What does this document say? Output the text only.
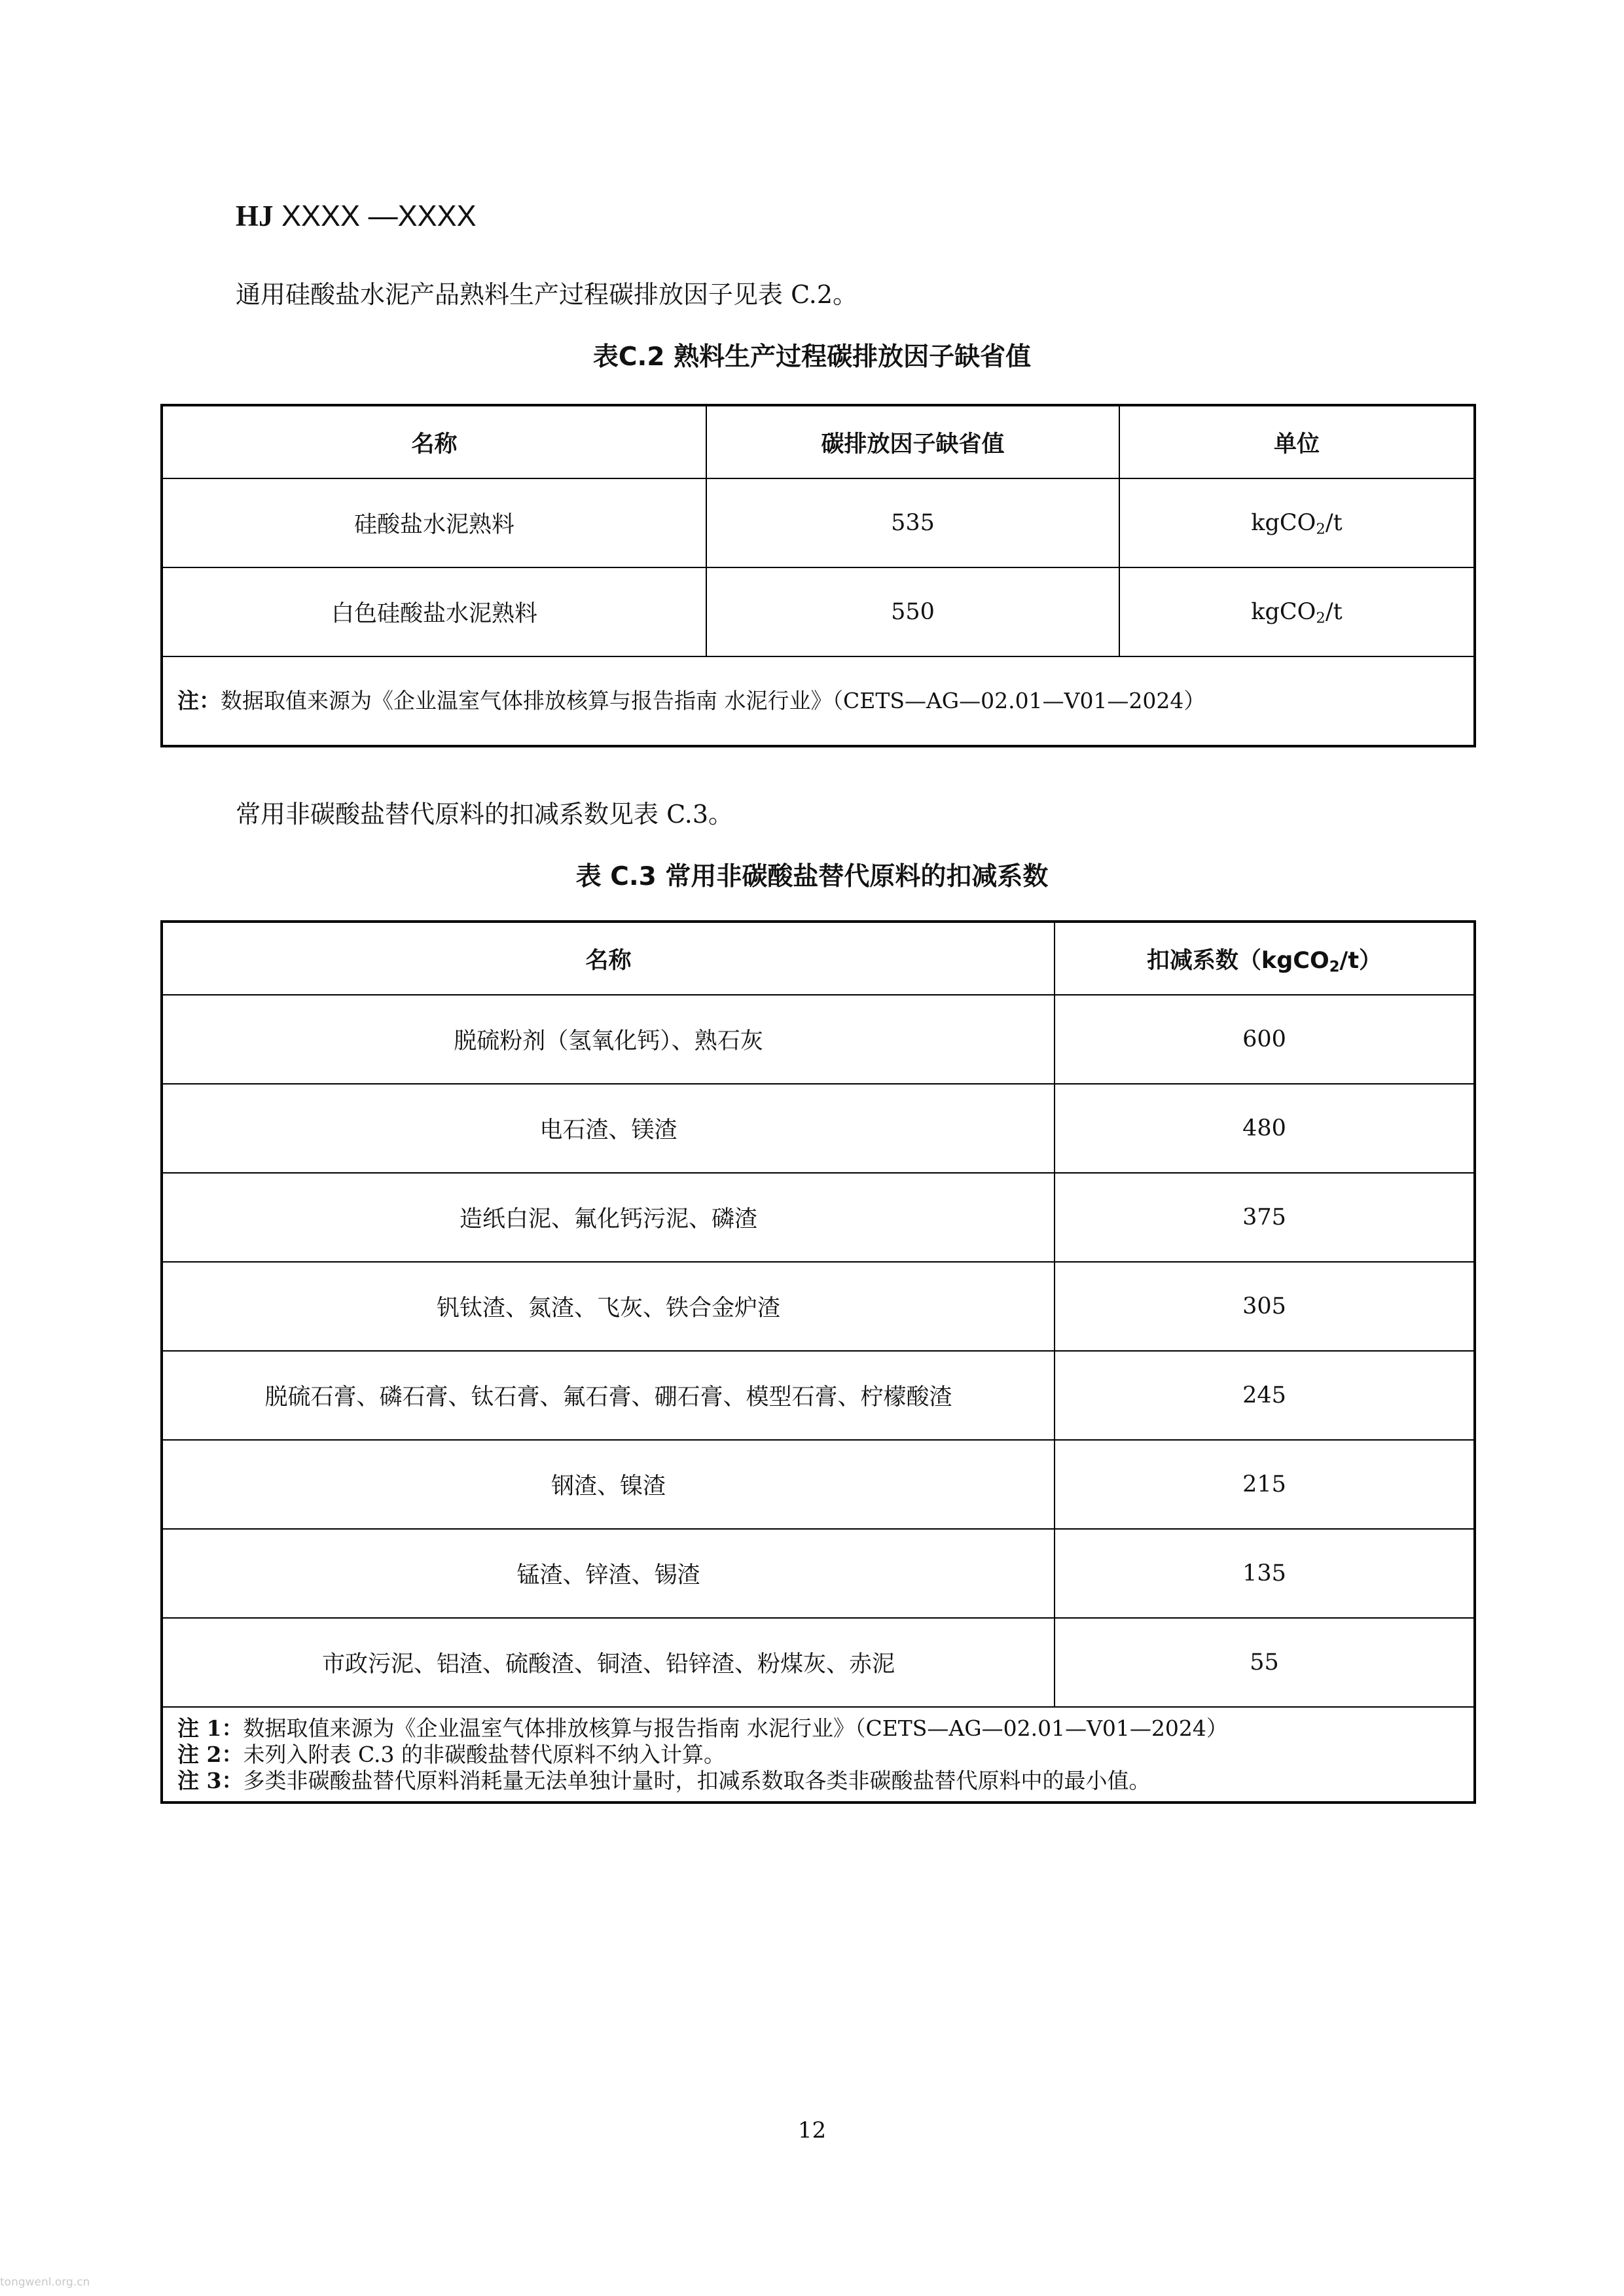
HJ XXXX —XXXX
通用硅酸盐水泥产品熟料生产过程碳排放因子见表 C.2。
表C.2 熟料生产过程碳排放因子缺省值
名称	碳排放因子缺省值	单位
硅酸盐水泥熟料	535	kgCO$_2$/t
白色硅酸盐水泥熟料	550	kgCO$_2$/t
注：数据取值来源为《企业温室气体排放核算与报告指南 水泥行业》（CETS—AG—02.01—V01—2024）		
常用非碳酸盐替代原料的扣减系数见表 C.3。
表 C.3 常用非碳酸盐替代原料的扣减系数
名称	扣减系数（kgCO$_2$/t）
脱硫粉剂（氢氧化钙）、熟石灰	600
电石渣、镁渣	480
造纸白泥、氟化钙污泥、磷渣	375
钒钛渣、氮渣、飞灰、铁合金炉渣	305
脱硫石膏、磷石膏、钛石膏、氟石膏、硼石膏、模型石膏、柠檬酸渣	245
钢渣、镍渣	215
锰渣、锌渣、锡渣	135
市政污泥、铝渣、硫酸渣、铜渣、铅锌渣、粉煤灰、赤泥	55

注 1：数据取值来源为《企业温室气体排放核算与报告指南 水泥行业》（CETS—AG—02.01—V01—2024）
注 2：未列入附表 C.3 的非碳酸盐替代原料不纳入计算。
注 3：多类非碳酸盐替代原料消耗量无法单独计量时，扣减系数取各类非碳酸盐替代原料中的最小值。	
12
tongwenl.org.cn
